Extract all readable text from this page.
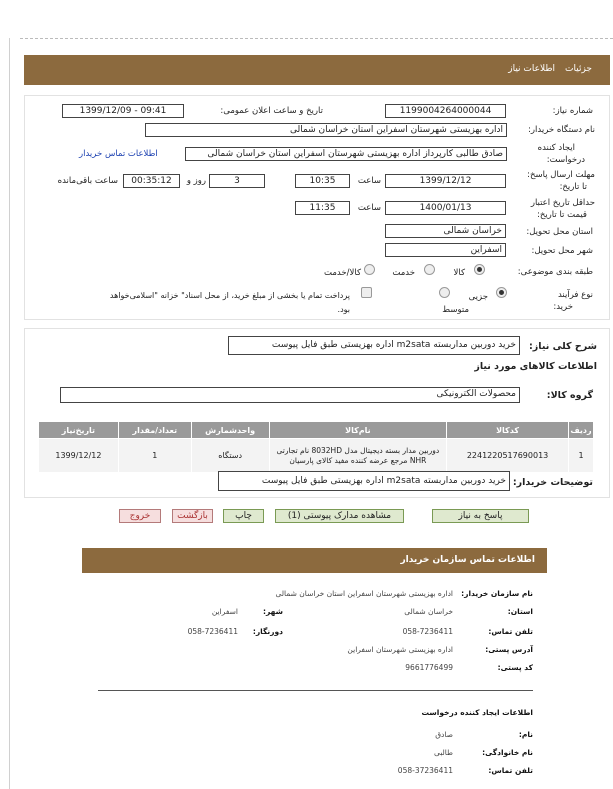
جزئیات
اطلاعات نیاز
شماره نیاز:
1199004264000044
تاریخ و ساعت اعلان عمومی:
1399/12/09 - 09:41
نام دستگاه خریدار:
اداره بهزیستی شهرستان اسفراین استان خراسان شمالی
ایجاد کننده
درخواست:
صادق طالبی کارپرداز اداره بهزیستی شهرستان اسفراین استان خراسان شمالی
اطلاعات تماس خریدار
مهلت ارسال پاسخ:
تا تاریخ:
1399/12/12
ساعت
10:35
3
روز و
00:35:12
ساعت باقی‌مانده
حداقل تاریخ اعتبار
قیمت تا تاریخ:
1400/01/13
ساعت
11:35
استان محل تحویل:
خراسان شمالی
شهر محل تحویل:
اسفراین
طبقه بندی موضوعی:
کالا
خدمت
کالا/خدمت
نوع فرآیند
خرید:
جزیی
متوسط
پرداخت تمام یا بخشی از مبلغ خرید، از محل اسناد" خزانه "اسلامی‌خواهد
بود.
شرح کلی نیاز:
خرید دوربین مداربسته m2sata اداره بهزیستی طبق فایل پیوست
اطلاعات کالاهای مورد نیاز
گروه کالا:
محصولات الکترونیکی
تاریخ‌نیاز	تعداد/مقدار	واحدشمارش	نام‌کالا	کدکالا	ردیف
1399/12/12	1	دستگاه	دوربین مدار بسته دیجیتال مدل 8032HD نام تجارتی NHR مرجع عرضه کننده مفید کالای پارسیان	2241220517690013	1
توضیحات خریدار:
خرید دوربین مداربسته m2sata اداره بهزیستی طبق فایل پیوست
پاسخ به نیاز
مشاهده مدارک پیوستی (1)
چاپ
بازگشت
خروج
اطلاعات تماس سازمان خریدار
نام سازمان خریدار:
اداره بهزیستی شهرستان اسفراین استان خراسان شمالی
استان:
خراسان شمالی
شهر:
اسفراین
تلفن تماس:
058-7236411
دورنگار:
058-7236411
آدرس پستی:
اداره بهزیستی شهرستان اسفراین
کد پستی:
9661776499
اطلاعات ایجاد کننده درخواست
نام:
صادق
نام خانوادگی:
طالبی
تلفن تماس:
058-37236411
